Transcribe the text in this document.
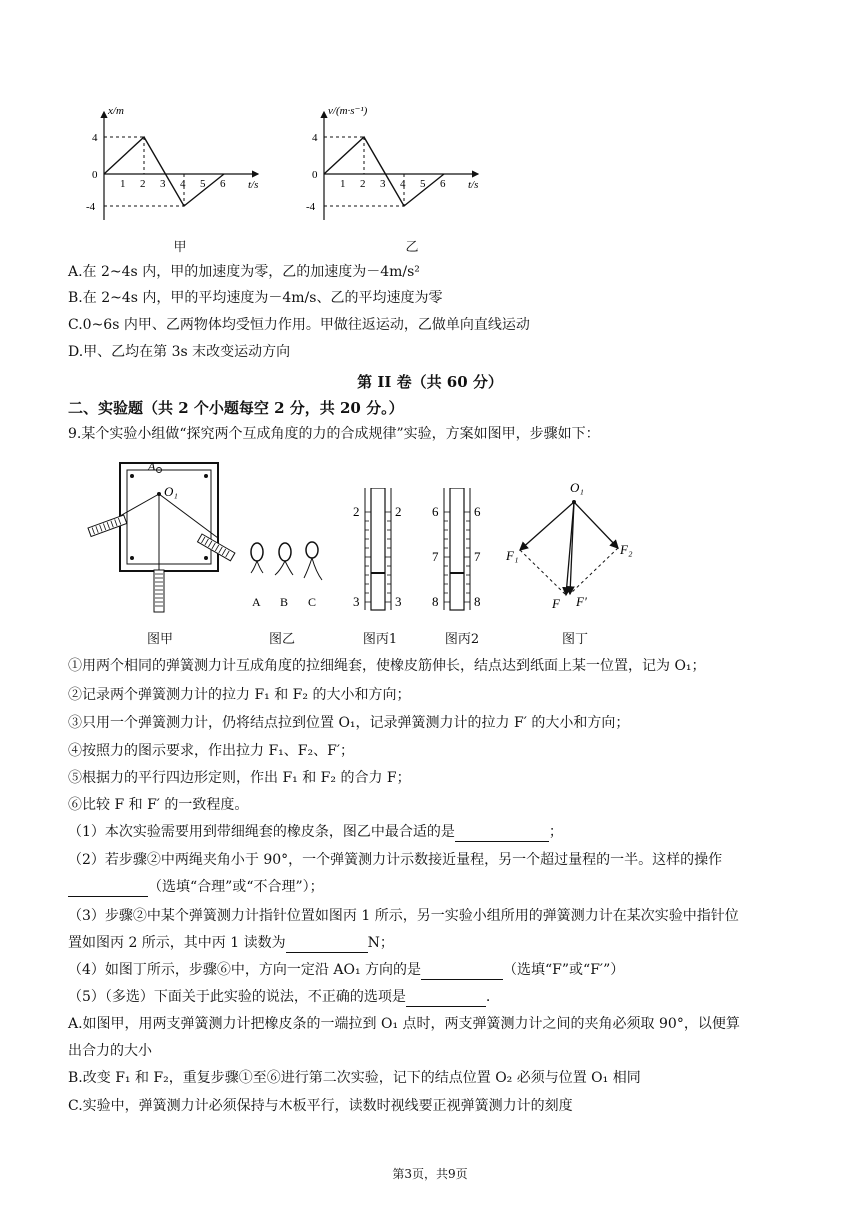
x/m
t/s
4
0
-4
1 2 3 4 5 6
甲
v/(m·s⁻¹)
t/s
4
0
-4
1 2 3 4 5 6
乙
A.在 2~4s 内，甲的加速度为零，乙的加速度为－4m/s²
B.在 2~4s 内，甲的平均速度为－4m/s、乙的平均速度为零
C.0~6s 内甲、乙两物体均受恒力作用。甲做往返运动，乙做单向直线运动
D.甲、乙均在第 3s 末改变运动方向
第 II 卷（共 60 分）
二、实验题（共 2 个小题每空 2 分，共 20 分。）
9.某个实验小组做“探究两个互成角度的力的合成规律”实验，方案如图甲，步骤如下：
A
O₁
图甲
A B C
图乙
2	2
3	3
图丙1
6	6
7	7
8	8
图丙2
O₁
F₁	F₂
F F′
图丁
①用两个相同的弹簧测力计互成角度的拉细绳套，使橡皮筋伸长，结点达到纸面上某一位置，记为 O₁；
②记录两个弹簧测力计的拉力 F₁ 和 F₂ 的大小和方向；
③只用一个弹簧测力计，仍将结点拉到位置 O₁，记录弹簧测力计的拉力 F′ 的大小和方向；
④按照力的图示要求，作出拉力 F₁、F₂、F′；
⑤根据力的平行四边形定则，作出 F₁ 和 F₂ 的合力 F；
⑥比较 F 和 F′ 的一致程度。
（1）本次实验需要用到带细绳套的橡皮条，图乙中最合适的是	；
（2）若步骤②中两绳夹角小于 90°，一个弹簧测力计示数接近量程，另一个超过量程的一半。这样的操作
（选填“合理”或“不合理”）；
（3）步骤②中某个弹簧测力计指针位置如图丙 1 所示，另一实验小组所用的弹簧测力计在某次实验中指针位
置如图丙 2 所示，其中丙 1 读数为	N；
（4）如图丁所示，步骤⑥中，方向一定沿 AO₁ 方向的是	（选填“F”或“F′”）
（5）（多选）下面关于此实验的说法，不正确的选项是	.
A.如图甲，用两支弹簧测力计把橡皮条的一端拉到 O₁ 点时，两支弹簧测力计之间的夹角必须取 90°，以便算
出合力的大小
B.改变 F₁ 和 F₂，重复步骤①至⑥进行第二次实验，记下的结点位置 O₂ 必须与位置 O₁ 相同
C.实验中，弹簧测力计必须保持与木板平行，读数时视线要正视弹簧测力计的刻度
第3页，共9页
